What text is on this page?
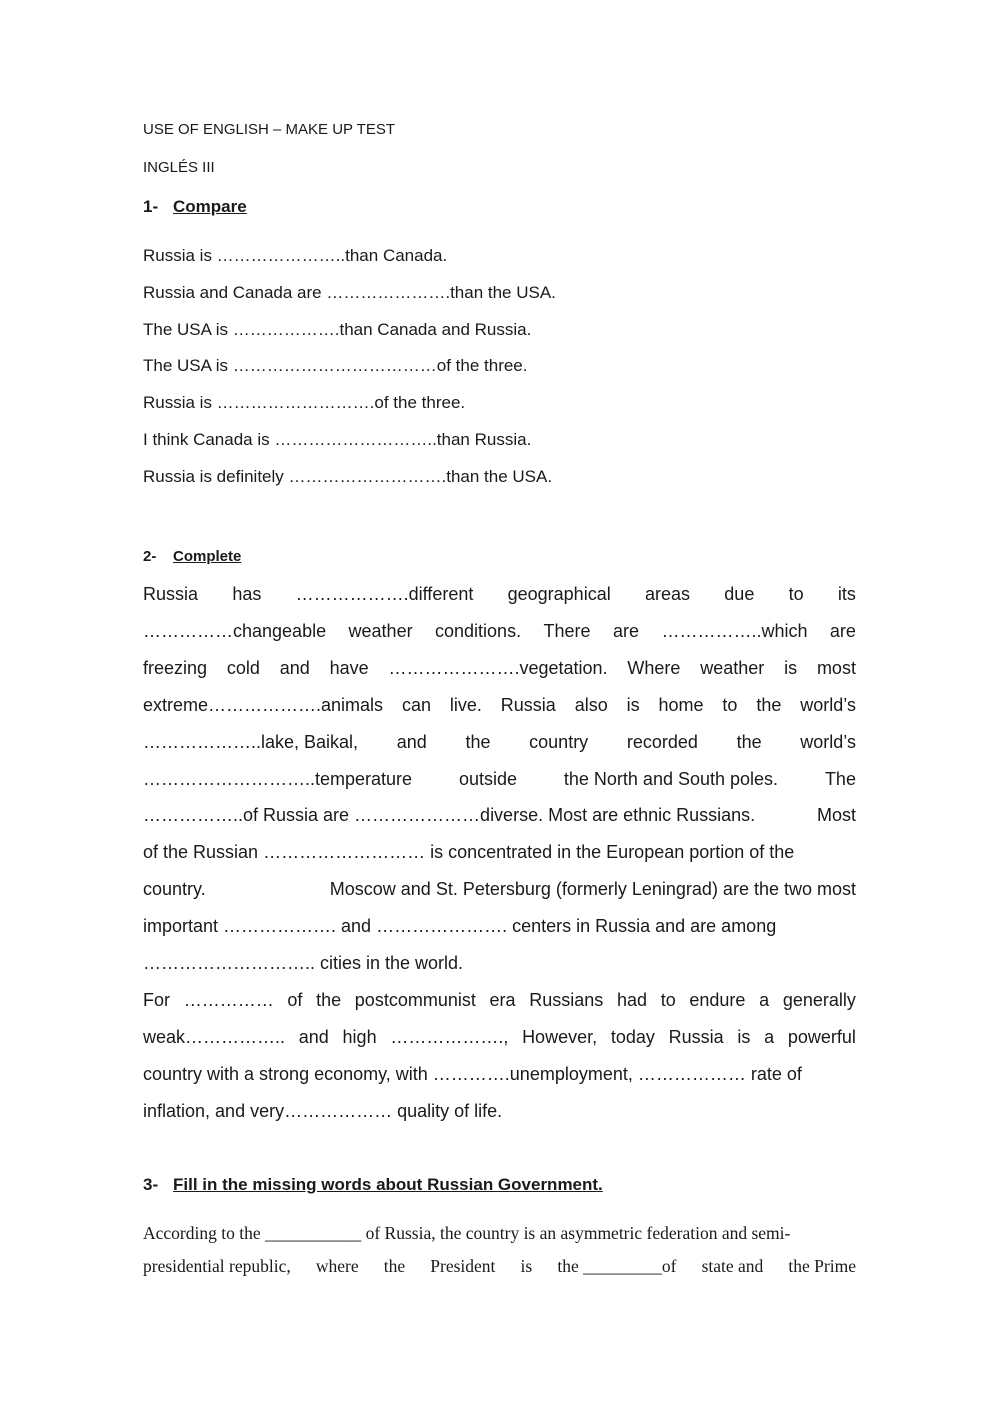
USE OF ENGLISH – MAKE UP TEST
INGLÉS III
1- Compare
Russia is …………………..than Canada.
Russia and Canada are ………………….than the USA.
The USA is ……………….than Canada and Russia.
The USA is ………………………………of the three.
Russia is ……………………….of the three.
I think Canada is ………………………..than Russia.
Russia is definitely ……………………….than the USA.
2- Complete
Russia has ……………….different geographical areas due to its
……………changeable weather conditions. There are ……………..which are
freezing cold and have ………………….vegetation. Where weather is most
extreme……………….animals can live. Russia also is home to the world’s
………………..lake, Baikal, and the country recorded the world’s
………………………..temperature	outside	the North and South poles.	The
……………..of Russia are …………………diverse. Most are ethnic Russians.	Most
of the Russian ……………………… is concentrated in the European portion of the
country.	Moscow and St. Petersburg (formerly Leningrad) are the two most
important ………………. and …………………. centers in Russia and are among
……………………….. cities in the world.
For …………… of the postcommunist era Russians had to endure a generally
weak…………….. and high ………………., However, today Russia is a powerful
country with a strong economy, with ………….unemployment, ……………… rate of
inflation, and very……………… quality of life.
3- Fill in the missing words about Russian Government.
According to the ___________ of Russia, the country is an asymmetric federation and semi-
presidential republic, where the President is the _________of state and the Prime
